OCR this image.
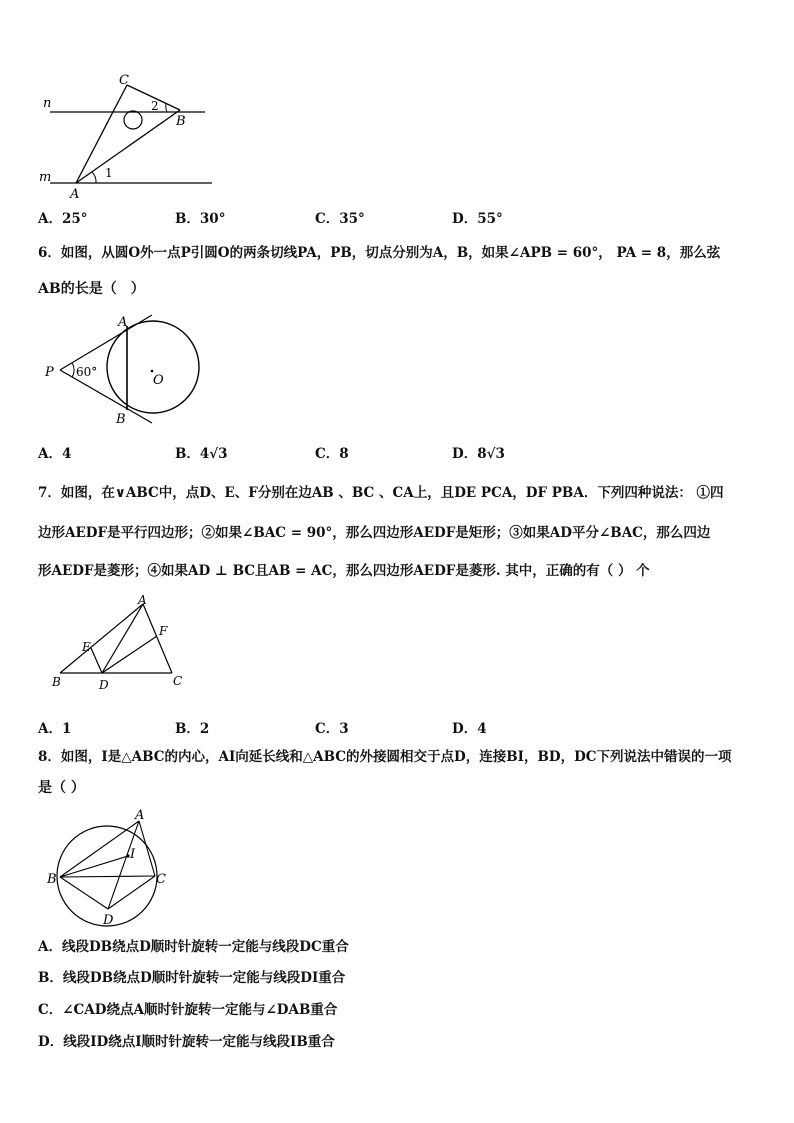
C
B
A
n
m	1
2
A．25°	B．30°	C．35°	D．55°
6．如图，从圆O外一点P引圆O的两条切线PA，PB，切点分别为A，B，如果∠APB = 60°， PA = 8，那么弦
AB的长是（　）
A
B
P
O
60°
A．4	B．4√3	C．8	D．8√3
7．如图，在∨ABC中，点D、E、F分别在边AB 、BC 、CA上，且DE PCA，DF PBA．下列四种说法： ①四
边形AEDF是平行四边形；②如果∠BAC = 90°，那么四边形AEDF是矩形；③如果AD平分∠BAC，那么四边
形AEDF是菱形；④如果AD ⊥ BC且AB = AC，那么四边形AEDF是菱形. 其中，正确的有（ ） 个
A
F
E
B	D	C
A．1	B．2	C．3	D．4
8．如图，I是△ABC的内心，AI向延长线和△ABC的外接圆相交于点D，连接BI，BD，DC下列说法中错误的一项
是（ ）
A
I
B	C
D
A．线段DB绕点D顺时针旋转一定能与线段DC重合
B．线段DB绕点D顺时针旋转一定能与线段DI重合
C．∠CAD绕点A顺时针旋转一定能与∠DAB重合
D．线段ID绕点I顺时针旋转一定能与线段IB重合
